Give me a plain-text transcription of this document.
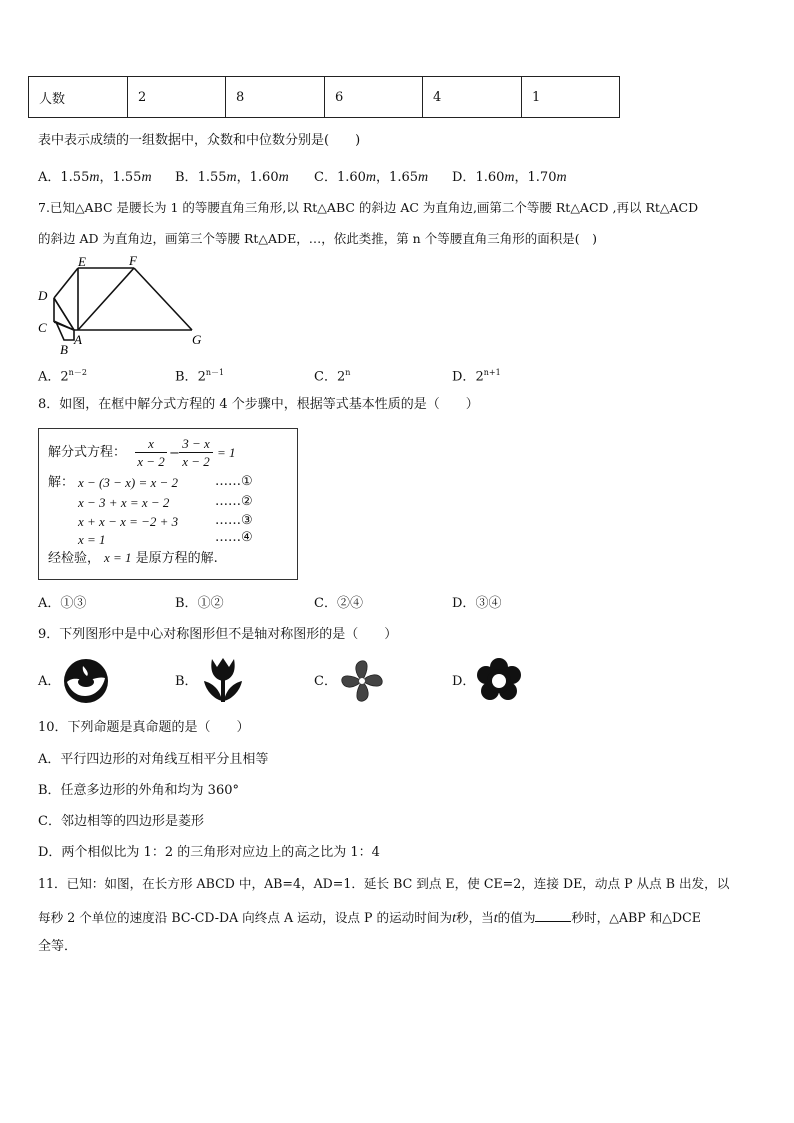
人数	2	8	6	4	1
表中表示成绩的一组数据中，众数和中位数分别是(　　)
A．1.55m，1.55m B．1.55m，1.60m C．1.60m，1.65m D．1.60m，1.70m
7.已知△ABC 是腰长为 1 的等腰直角三角形,以 Rt△ABC 的斜边 AC 为直角边,画第二个等腰 Rt△ACD ,再以 Rt△ACD
的斜边 AD 为直角边，画第三个等腰 Rt△ADE，…，依此类推，第 n 个等腰直角三角形的面积是(　)
E	F
D
C
A
B
G
A．$2^{n-2}$	B．$2^{n-1}$	C．2$^n$	D．$2^{n+1}$
8．如图，在框中解分式方程的 4 个步骤中，根据等式基本性质的是（　　）
解分式方程：
x
x − 2
−
3 − x
x − 2
= 1
解： x − (3 − x) = x − 2	……①
x − 3 + x = x − 2	……②
x + x − x = −2 + 3	……③
x = 1	……④
经检验， x = 1 是原方程的解.
A．①③	B．①②	C．②④	D．③④
9．下列图形中是中心对称图形但不是轴对称图形的是（　　）
A．	B．	C．	D．
10．下列命题是真命题的是（　　）
A．平行四边形的对角线互相平分且相等
B．任意多边形的外角和均为 360°
C．邻边相等的四边形是菱形
D．两个相似比为 1：2 的三角形对应边上的高之比为 1：4
11．已知：如图，在长方形 ABCD 中，AB=4，AD=1．延长 BC 到点 E，使 CE=2，连接 DE，动点 P 从点 B 出发，以
每秒 2 个单位的速度沿 BC-CD-DA 向终点 A 运动，设点 P 的运动时间为t秒，当t的值为	秒时，△ABP 和△DCE
全等．
